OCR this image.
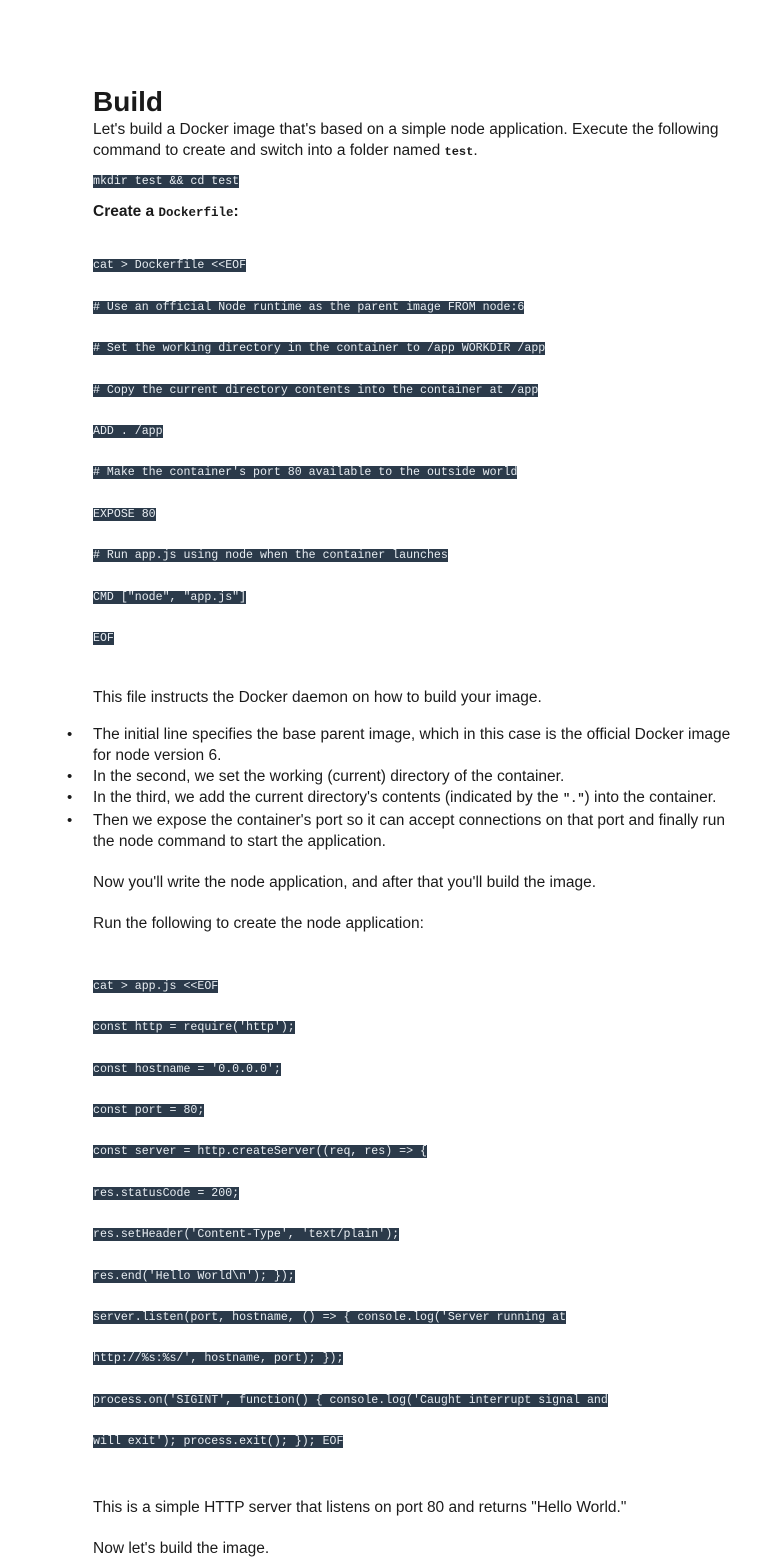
Build

Let's build a Docker image that's based on a simple node application. Execute the following command to create and switch into a folder named test.

mkdir test && cd test
Create a Dockerfile:

cat > Dockerfile <<EOF

# Use an official Node runtime as the parent image FROM node:6

# Set the working directory in the container to /app WORKDIR /app

# Copy the current directory contents into the container at /app

ADD . /app

# Make the container's port 80 available to the outside world

EXPOSE 80

# Run app.js using node when the container launches

CMD ["node", "app.js"]

EOF

This file instructs the Docker daemon on how to build your image.

• The initial line specifies the base parent image, which in this case is the official Docker image for node version 6.
• In the second, we set the working (current) directory of the container.
• In the third, we add the current directory's contents (indicated by the ".") into the container.
• Then we expose the container's port so it can accept connections on that port and finally run the node command to start the application.

Now you'll write the node application, and after that you'll build the image.

Run the following to create the node application:

cat > app.js <<EOF

const http = require('http');

const hostname = '0.0.0.0';

const port = 80;

const server = http.createServer((req, res) => {

res.statusCode = 200;

res.setHeader('Content-Type', 'text/plain');

res.end('Hello World\n'); });

server.listen(port, hostname, () => { console.log('Server running at

http://%s:%s/', hostname, port); });

process.on('SIGINT', function() { console.log('Caught interrupt signal and

will exit'); process.exit(); }); EOF

This is a simple HTTP server that listens on port 80 and returns "Hello World."

Now let's build the image.
